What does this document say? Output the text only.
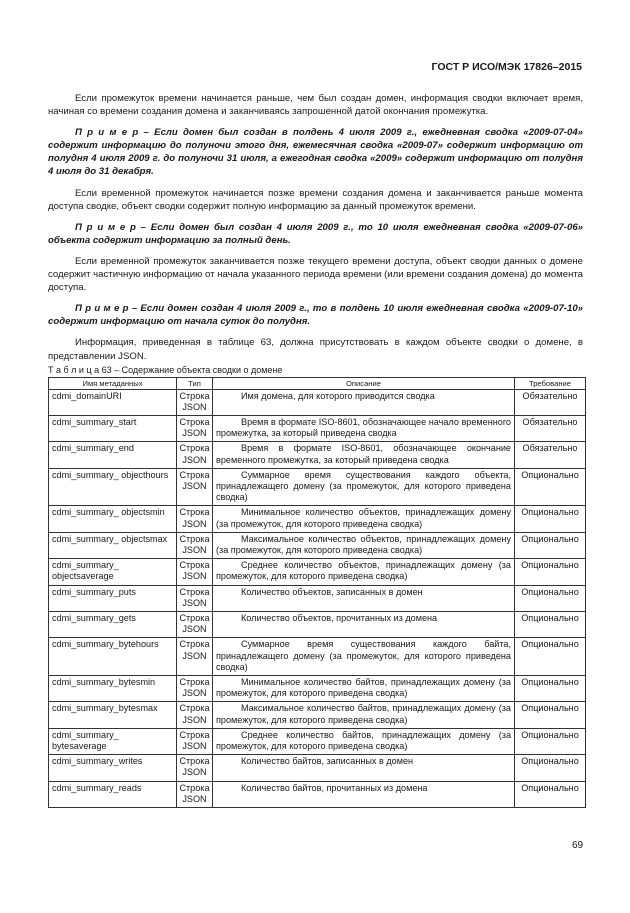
ГОСТ Р ИСО/МЭК 17826–2015

Если промежуток времени начинается раньше, чем был создан домен, информация сводки включает время, начиная со времени создания домена и заканчиваясь запрошенной датой окончания промежутка.

П р и м е р – Если домен был создан в полдень 4 июля 2009 г., ежедневная сводка «2009-07-04» содержит информацию до полуночи этого дня, ежемесячная сводка «2009-07» содержит информацию от полудня 4 июля 2009 г. до полуночи 31 июля, а ежегодная сводка «2009» содержит информацию от полудня 4 июля до 31 декабря.

Если временной промежуток начинается позже времени создания домена и заканчивается раньше момента доступа сводке, объект сводки содержит полную информацию за данный промежуток времени.

П р и м е р – Если домен был создан 4 июля 2009 г., то 10 июля ежедневная сводка «2009-07-06» объекта содержит информацию за полный день.

Если временной промежуток заканчивается позже текущего времени доступа, объект сводки данных о домене содержит частичную информацию от начала указанного периода времени (или времени создания домена) до момента доступа.

П р и м е р – Если домен создан 4 июля 2009 г., то в полдень 10 июля ежедневная сводка «2009-07-10» содержит информацию от начала суток до полудня.

Информация, приведенная в таблице 63, должна присутствовать в каждом объекте сводки о домене, в представлении JSON.

Т а б л и ц а 63 – Содержание объекта сводки о домене
Имя метаданных	Тип	Описание	Требование
cdmi_domainURI	Строка JSON	Имя домена, для которого приводится сводка	Обязательно
cdmi_summary_start	Строка JSON	Время в формате ISO-8601, обозначающее начало временного промежутка, за который приведена сводка	Обязательно
cdmi_summary_end	Строка JSON	Время в формате ISO-8601, обозначающее окончание временного промежутка, за который приведена сводка	Обязательно
cdmi_summary_ objecthours	Строка JSON	Суммарное время существования каждого объекта, принадлежащего домену (за промежуток, для которого приведена сводка)	Опционально
cdmi_summary_ objectsmin	Строка JSON	Минимальное количество объектов, принадлежащих домену (за промежуток, для которого приведена сводка)	Опционально
cdmi_summary_ objectsmax	Строка JSON	Максимальное количество объектов, принадлежащих домену (за промежуток, для которого приведена сводка)	Опционально
cdmi_summary_ objectsaverage	Строка JSON	Среднее количество объектов, принадлежащих домену (за промежуток, для которого приведена сводка)	Опционально
cdmi_summary_puts	Строка JSON	Количество объектов, записанных в домен	Опционально
cdmi_summary_gets	Строка JSON	Количество объектов, прочитанных из домена	Опционально
cdmi_summary_bytehours	Строка JSON	Суммарное время существования каждого байта, принадлежащего домену (за промежуток, для которого приведена сводка)	Опционально
cdmi_summary_bytesmin	Строка JSON	Минимальное количество байтов, принадлежащих домену (за промежуток, для которого приведена сводка)	Опционально
cdmi_summary_bytesmax	Строка JSON	Максимальное количество байтов, принадлежащих домену (за промежуток, для которого приведена сводка)	Опционально
cdmi_summary_ bytesaverage	Строка JSON	Среднее количество байтов, принадлежащих домену (за промежуток, для которого приведена сводка)	Опционально
cdmi_summary_writes	Строка JSON	Количество байтов, записанных в домен	Опционально
cdmi_summary_reads	Строка JSON	Количество байтов, прочитанных из домена	Опционально
69
